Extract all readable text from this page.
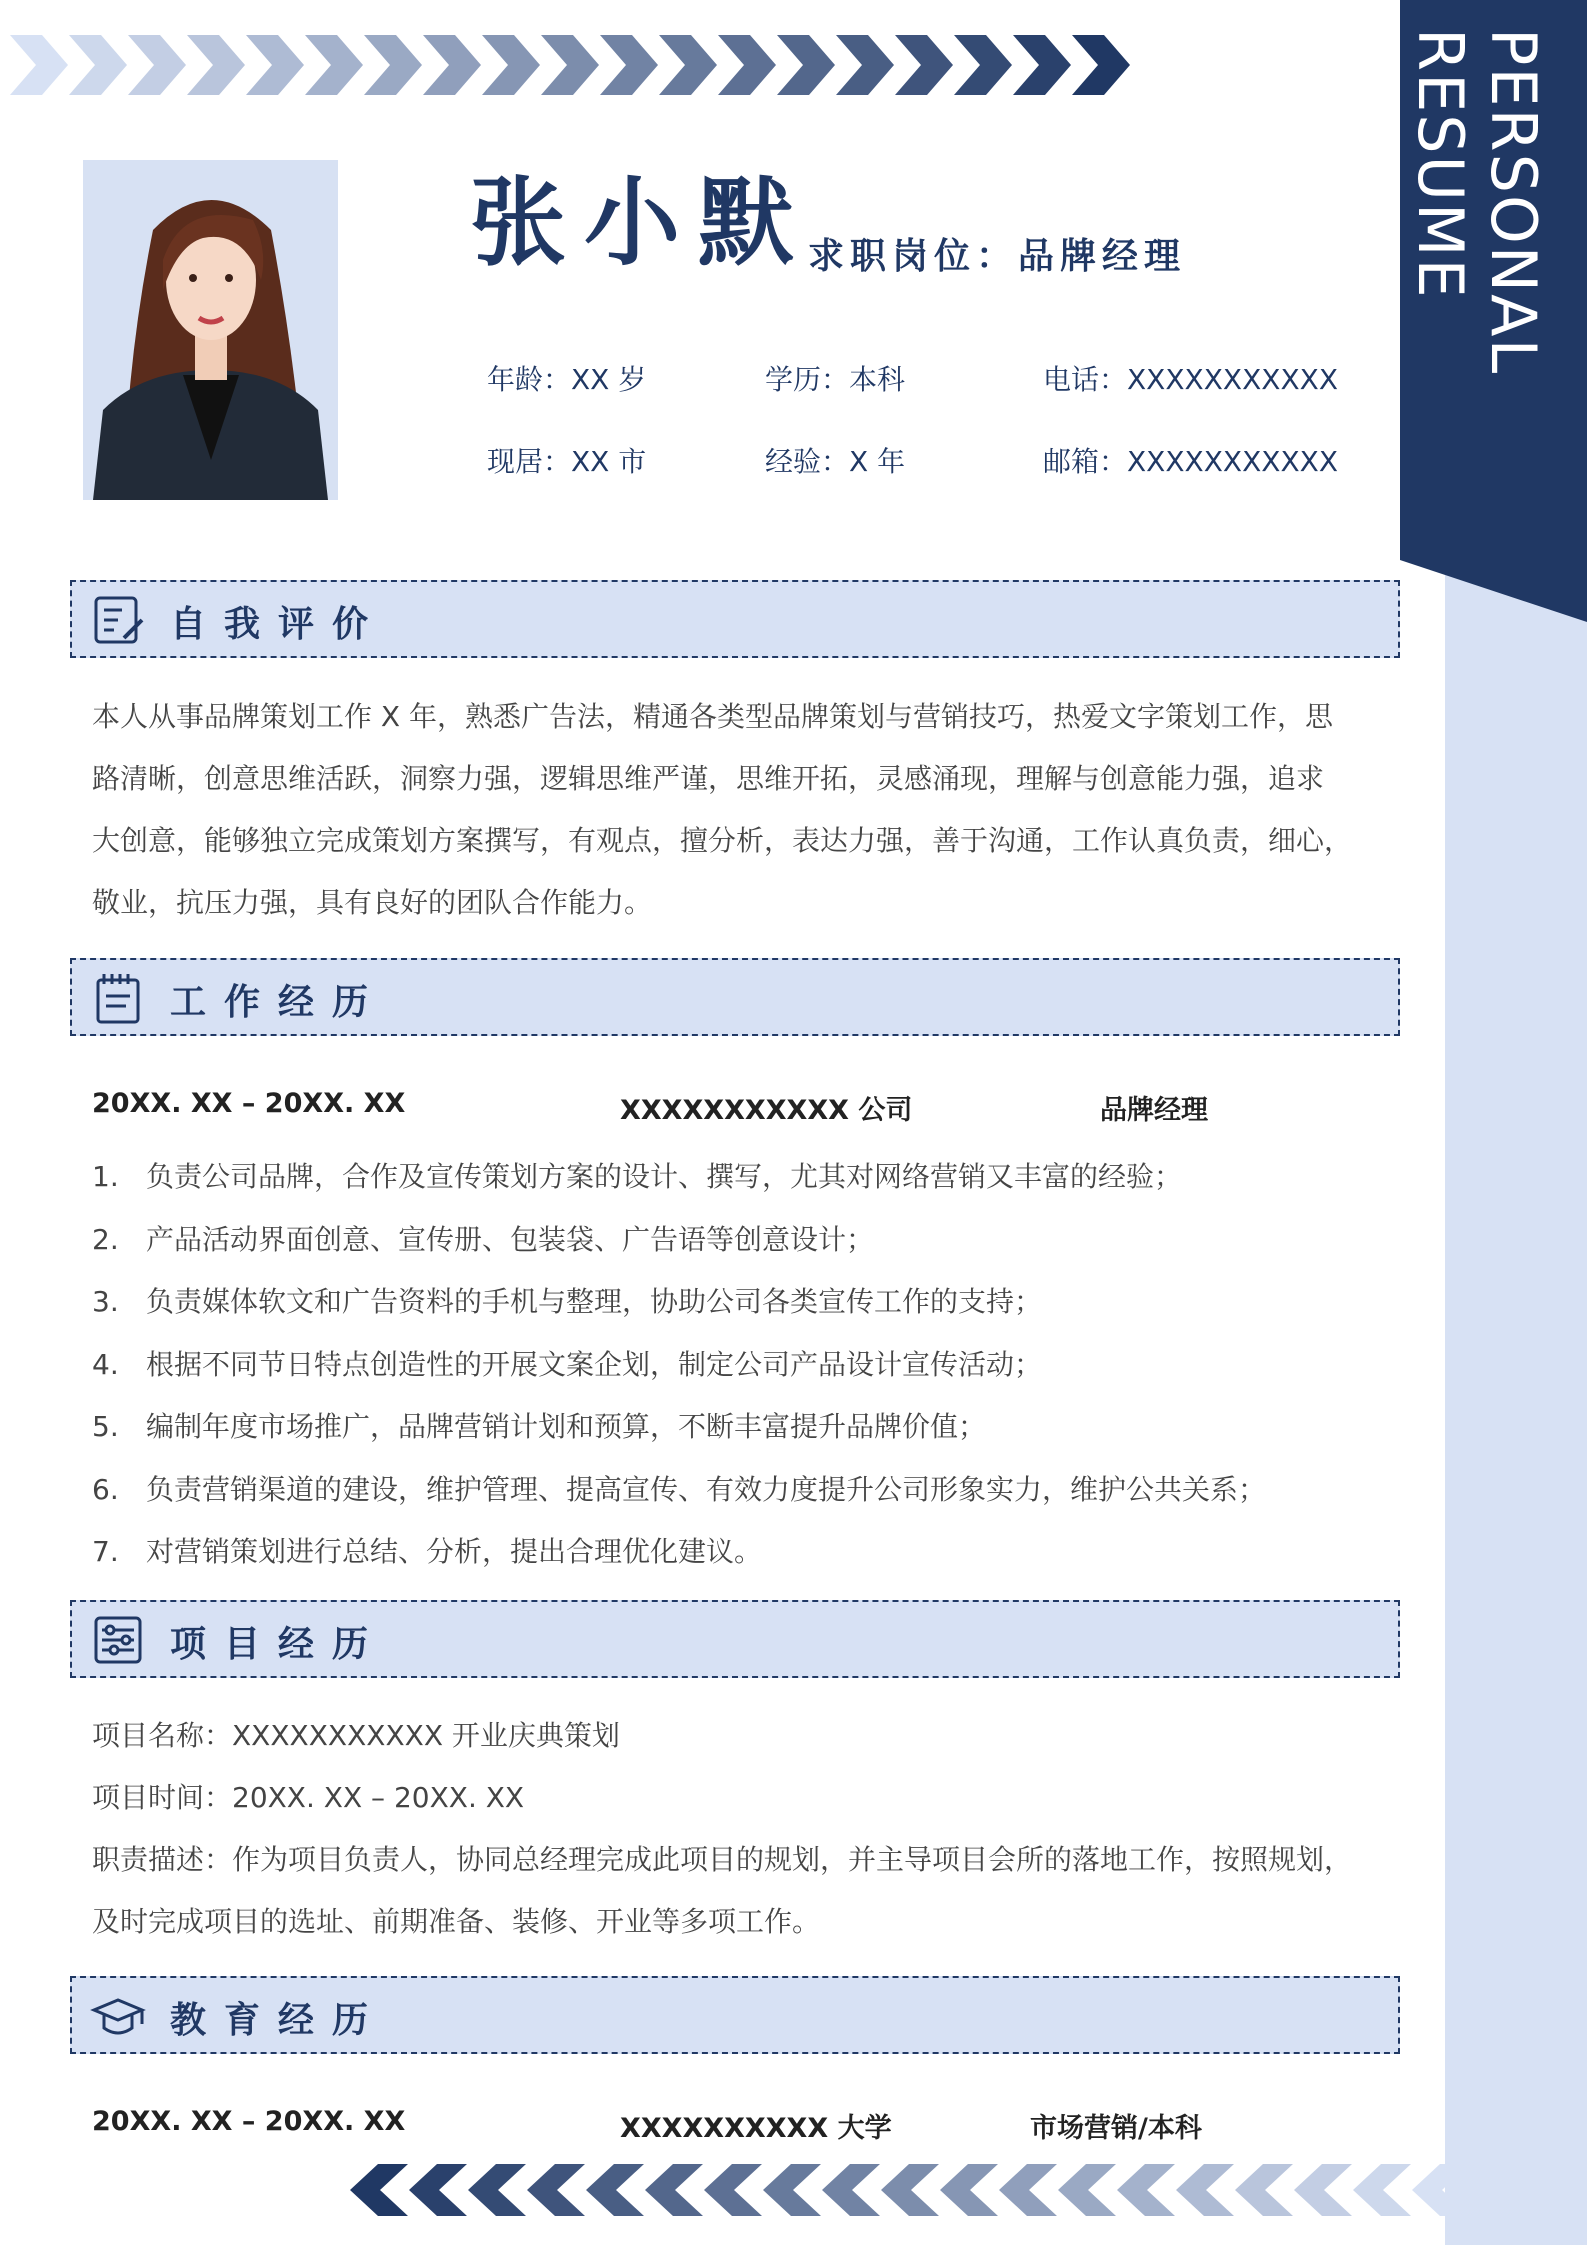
PERSONAL RESUME
张小默
求职岗位：品牌经理
年龄：XX 岁	学历：本科	电话：XXXXXXXXXXX
现居：XX 市	经验：X 年	邮箱：XXXXXXXXXXX
自我评价
本人从事品牌策划工作 X 年，熟悉广告法，精通各类型品牌策划与营销技巧，热爱文字策划工作，思
路清晰，创意思维活跃，洞察力强，逻辑思维严谨，思维开拓，灵感涌现，理解与创意能力强，追求
大创意，能够独立完成策划方案撰写，有观点，擅分析，表达力强，善于沟通，工作认真负责，细心，
敬业，抗压力强，具有良好的团队合作能力。
工作经历
20XX. XX – 20XX. XX	XXXXXXXXXXX 公司	品牌经理
1. 负责公司品牌，合作及宣传策划方案的设计、撰写，尤其对网络营销又丰富的经验；
2. 产品活动界面创意、宣传册、包装袋、广告语等创意设计；
3. 负责媒体软文和广告资料的手机与整理，协助公司各类宣传工作的支持；
4. 根据不同节日特点创造性的开展文案企划，制定公司产品设计宣传活动；
5. 编制年度市场推广，品牌营销计划和预算，不断丰富提升品牌价值；
6. 负责营销渠道的建设，维护管理、提高宣传、有效力度提升公司形象实力，维护公共关系；
7. 对营销策划进行总结、分析，提出合理优化建议。
项目经历
项目名称：XXXXXXXXXXX 开业庆典策划
项目时间：20XX. XX – 20XX. XX
职责描述：作为项目负责人，协同总经理完成此项目的规划，并主导项目会所的落地工作，按照规划，
及时完成项目的选址、前期准备、装修、开业等多项工作。
教育经历
20XX. XX – 20XX. XX	XXXXXXXXXX 大学	市场营销/本科
